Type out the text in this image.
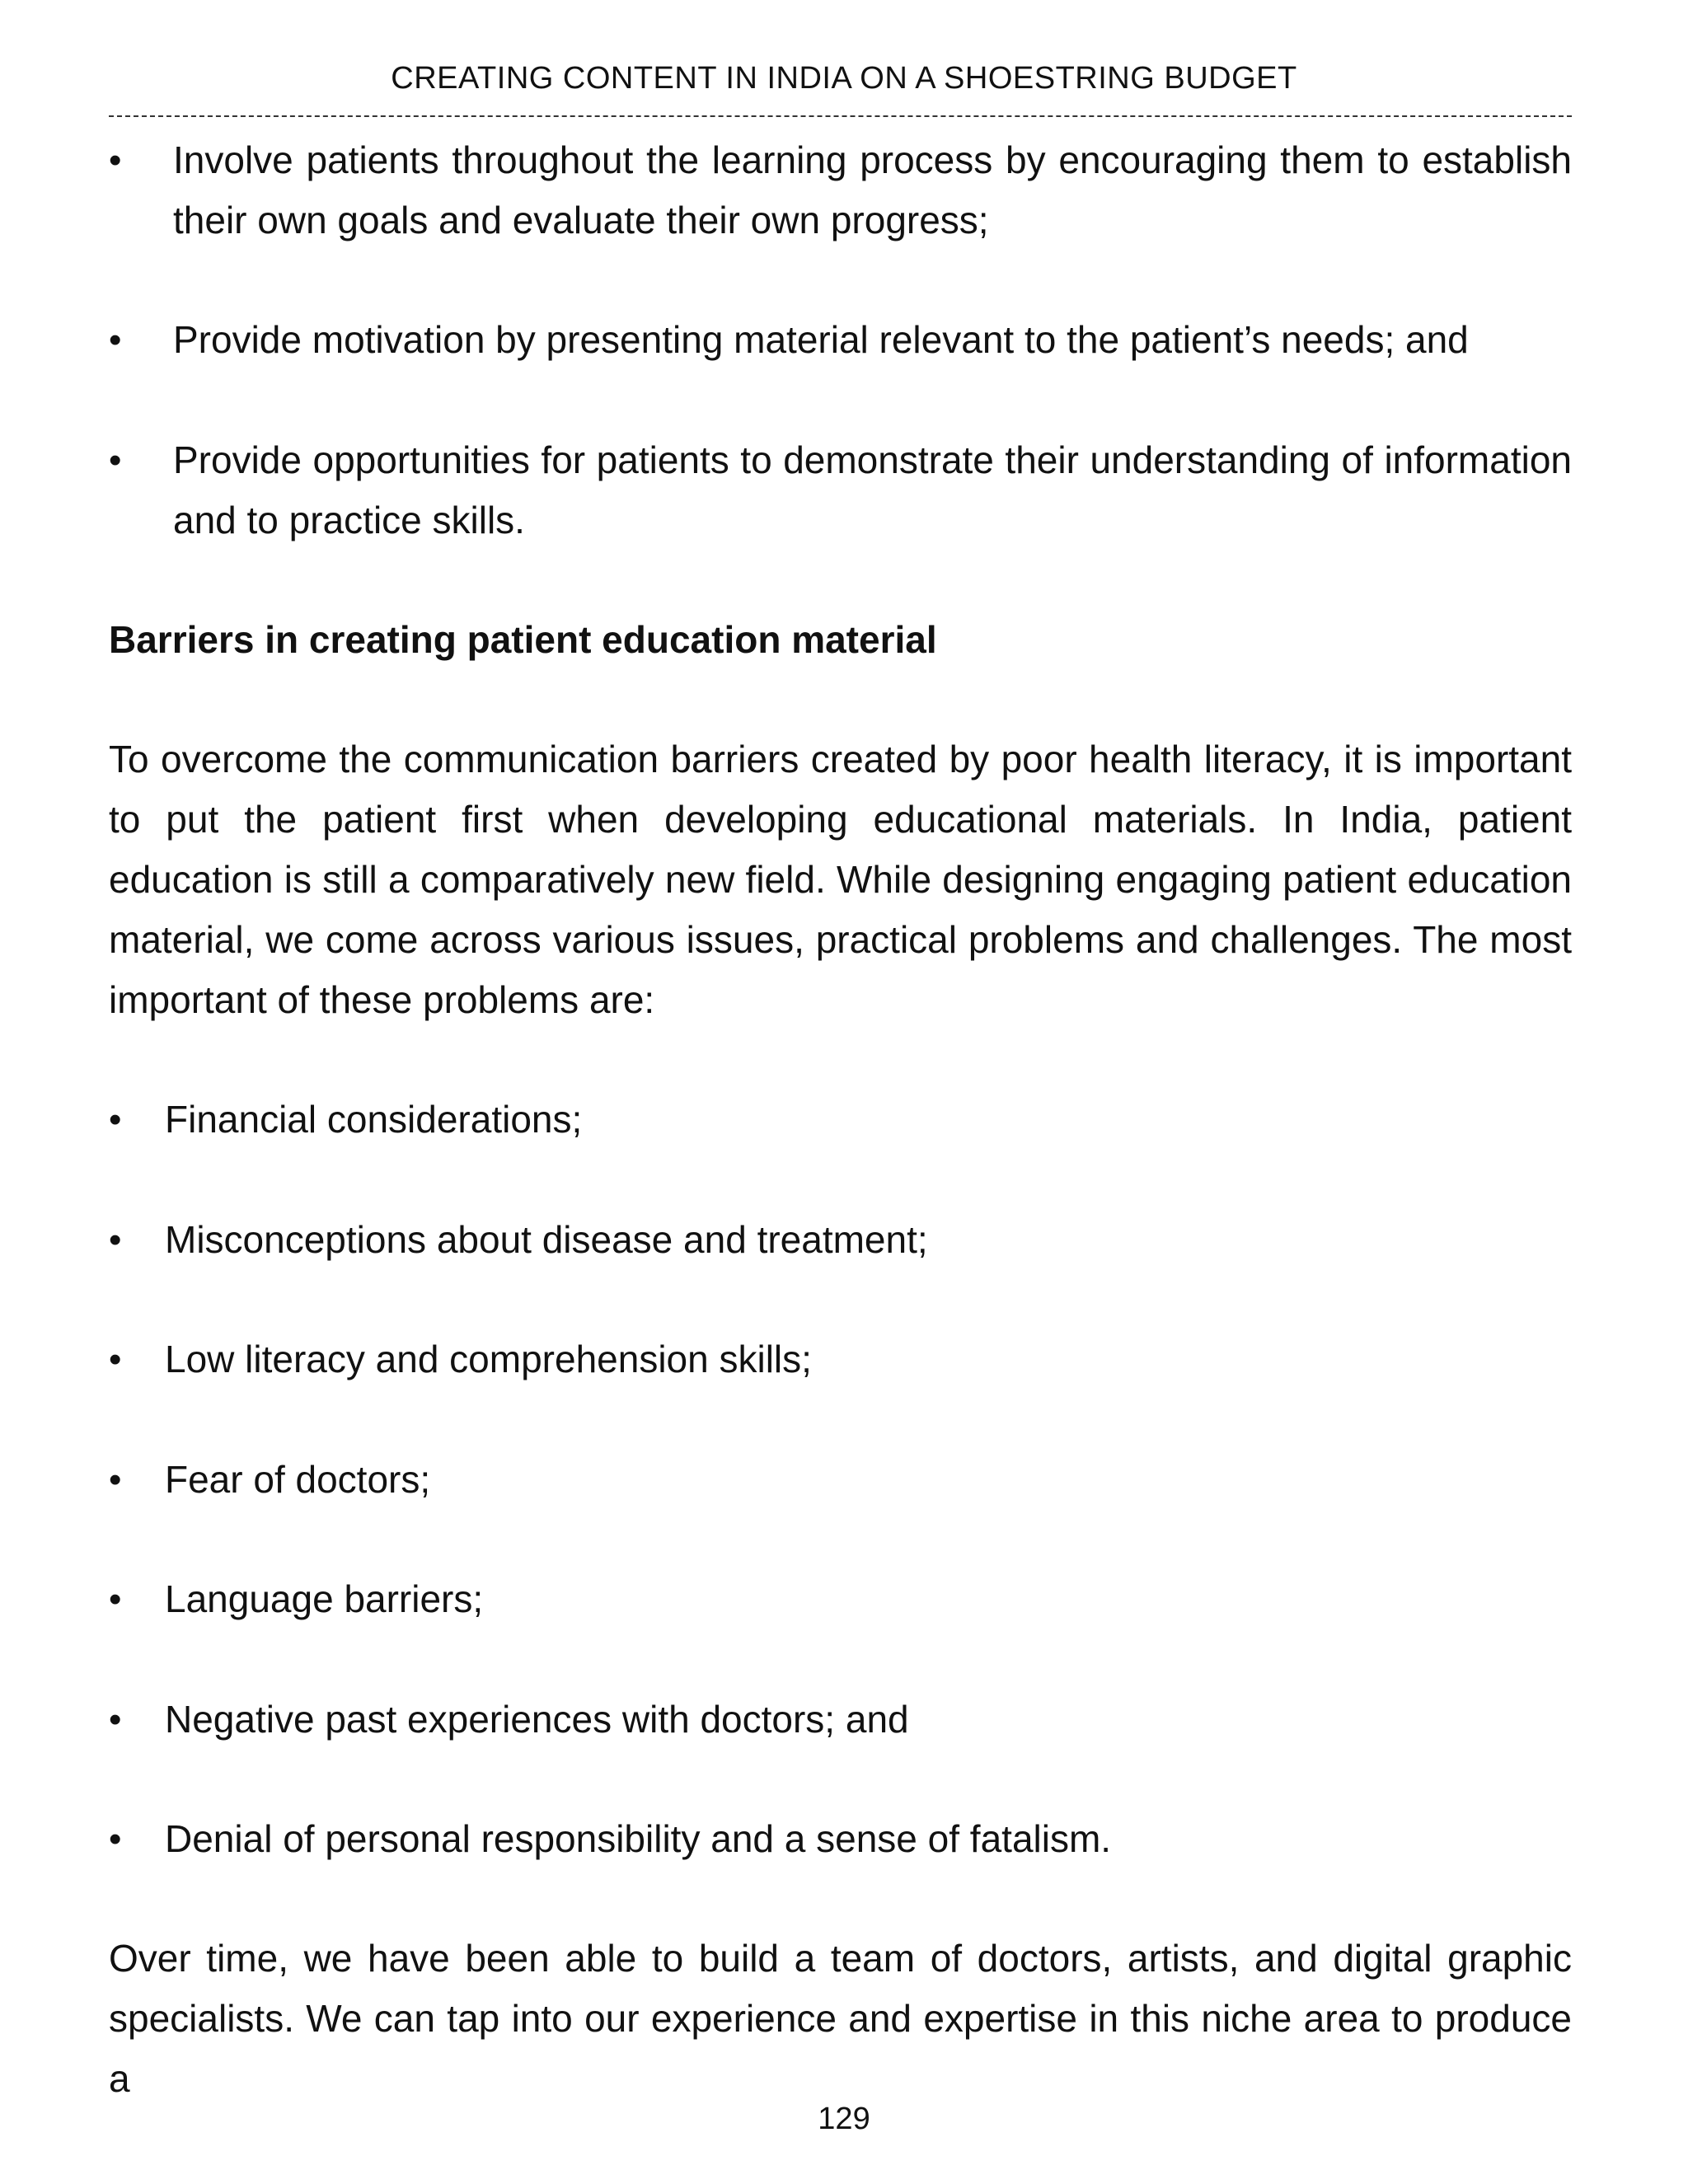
CREATING CONTENT IN INDIA ON A SHOESTRING BUDGET
• Involve patients throughout the learning process by encouraging them to establish their own goals and evaluate their own progress;
• Provide motivation by presenting material relevant to the patient’s needs; and
• Provide opportunities for patients to demonstrate their understanding of information and to practice skills.
Barriers in creating patient education material
To overcome the communication barriers created by poor health literacy, it is important to put the patient first when developing educational materials. In India, patient education is still a comparatively new field. While designing engaging patient education material, we come across various issues, practical problems and challenges. The most important of these problems are:
• Financial considerations;
• Misconceptions about disease and treatment;
• Low literacy and comprehension skills;
• Fear of doctors;
• Language barriers;
• Negative past experiences with doctors; and
• Denial of personal responsibility and a sense of fatalism.
Over time, we have been able to build a team of doctors, artists, and digital graphic specialists. We can tap into our experience and expertise in this niche area to produce a
129
